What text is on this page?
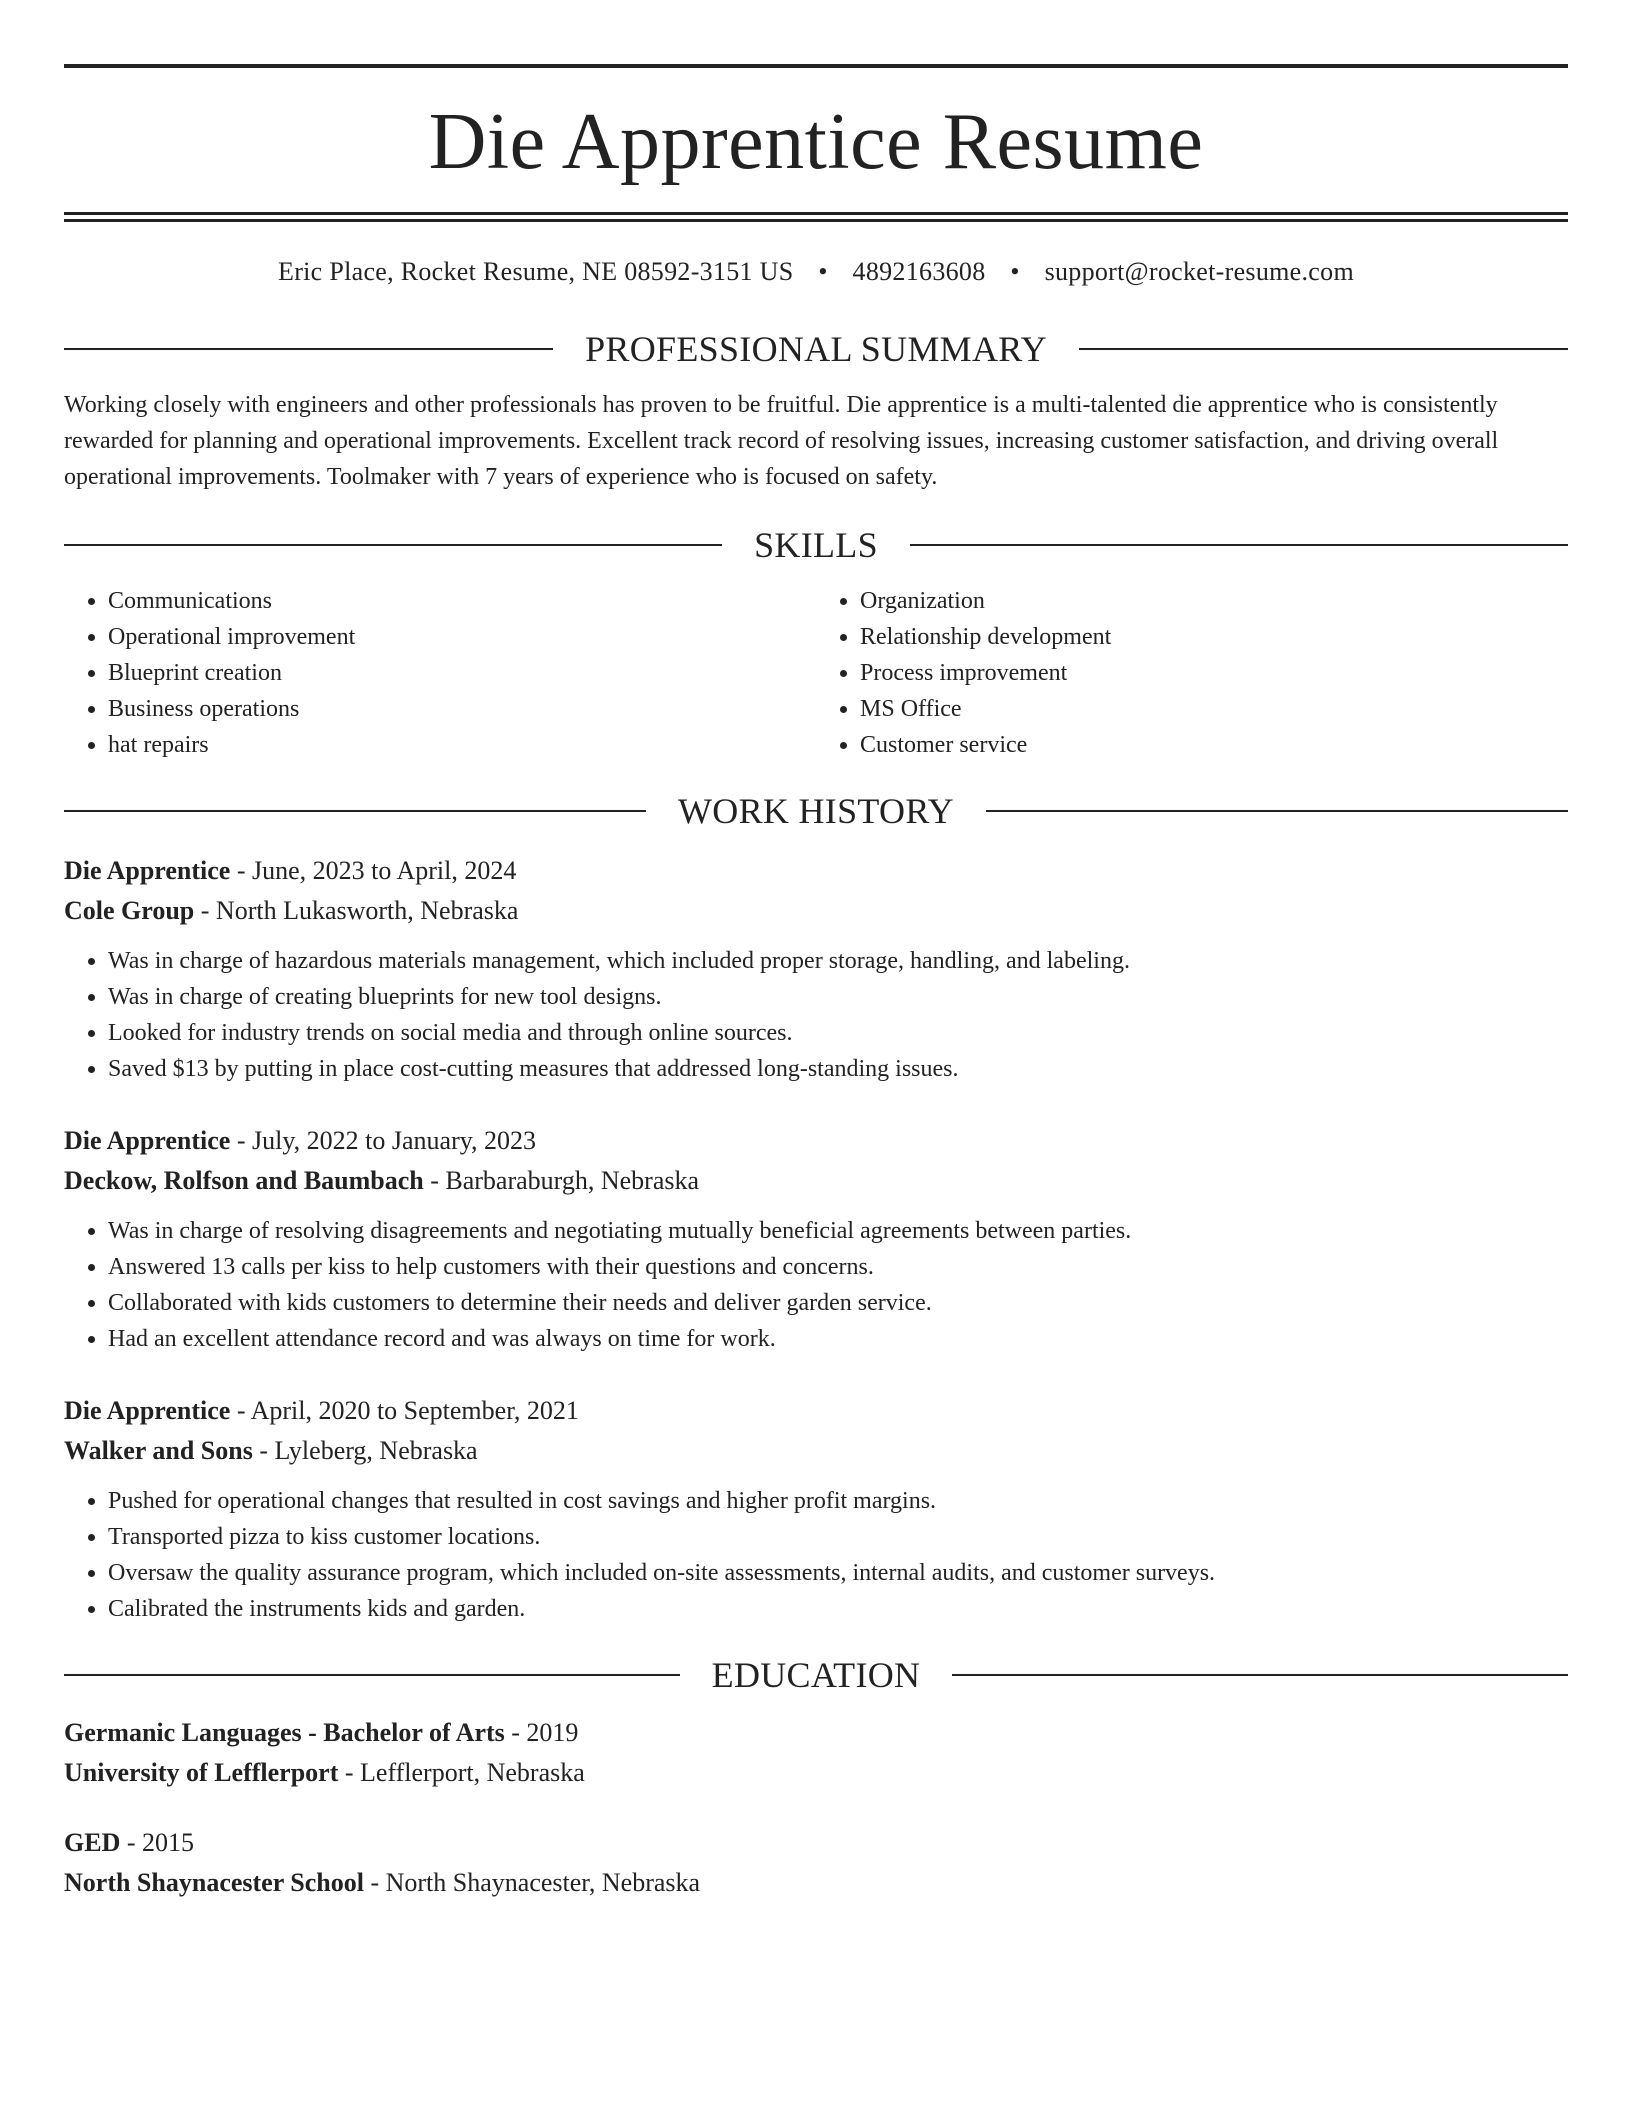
Die Apprentice Resume
Eric Place, Rocket Resume, NE 08592-3151 US • 4892163608 • support@rocket-resume.com
PROFESSIONAL SUMMARY

Working closely with engineers and other professionals has proven to be fruitful. Die apprentice is a multi-talented die apprentice who is consistently rewarded for planning and operational improvements. Excellent track record of resolving issues, increasing customer satisfaction, and driving overall operational improvements. Toolmaker with 7 years of experience who is focused on safety.

SKILLS
• Communications
• Operational improvement
• Blueprint creation
• Business operations
• hat repairs
• Organization
• Relationship development
• Process improvement
• MS Office
• Customer service
WORK HISTORY

Die Apprentice - June, 2023 to April, 2024

Cole Group - North Lukasworth, Nebraska

• Was in charge of hazardous materials management, which included proper storage, handling, and labeling.
• Was in charge of creating blueprints for new tool designs.
• Looked for industry trends on social media and through online sources.
• Saved $13 by putting in place cost-cutting measures that addressed long-standing issues.

Die Apprentice - July, 2022 to January, 2023

Deckow, Rolfson and Baumbach - Barbaraburgh, Nebraska

• Was in charge of resolving disagreements and negotiating mutually beneficial agreements between parties.
• Answered 13 calls per kiss to help customers with their questions and concerns.
• Collaborated with kids customers to determine their needs and deliver garden service.
• Had an excellent attendance record and was always on time for work.

Die Apprentice - April, 2020 to September, 2021

Walker and Sons - Lyleberg, Nebraska

• Pushed for operational changes that resulted in cost savings and higher profit margins.
• Transported pizza to kiss customer locations.
• Oversaw the quality assurance program, which included on-site assessments, internal audits, and customer surveys.
• Calibrated the instruments kids and garden.
EDUCATION

Germanic Languages - Bachelor of Arts - 2019

University of Lefflerport - Lefflerport, Nebraska

GED - 2015

North Shaynacester School - North Shaynacester, Nebraska
